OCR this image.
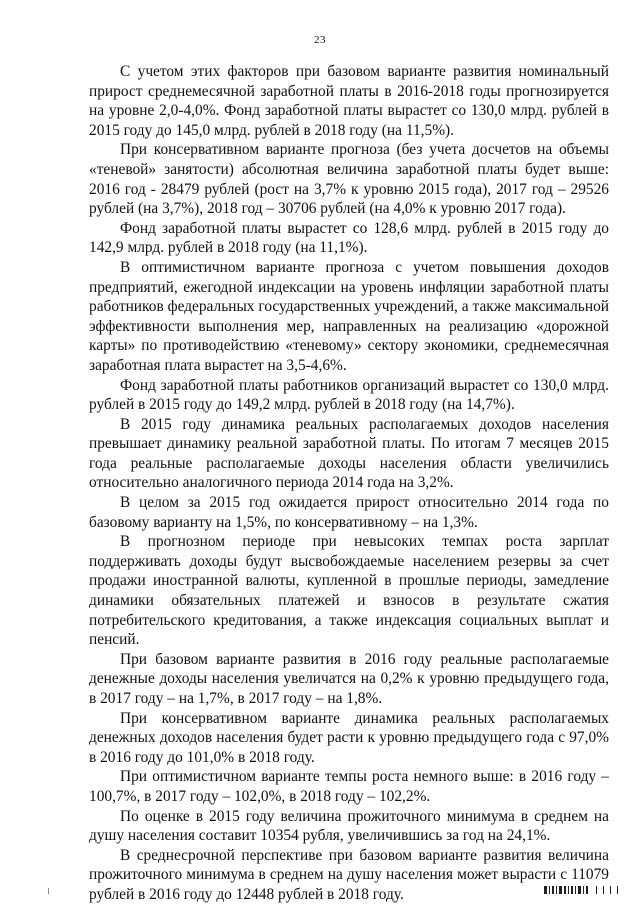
23

С учетом этих факторов при базовом варианте развития номинальный прирост среднемесячной заработной платы в 2016-2018 годы прогнозируется на уровне 2,0-4,0%. Фонд заработной платы вырастет со 130,0 млрд. рублей в 2015 году до 145,0 млрд. рублей в 2018 году (на 11,5%).

При консервативном варианте прогноза (без учета досчетов на объемы «теневой» занятости) абсолютная величина заработной платы будет выше: 2016 год - 28479 рублей (рост на 3,7% к уровню 2015 года), 2017 год – 29526 рублей (на 3,7%), 2018 год – 30706 рублей (на 4,0% к уровню 2017 года).

Фонд заработной платы вырастет со 128,6 млрд. рублей в 2015 году до 142,9 млрд. рублей в 2018 году (на 11,1%).

В оптимистичном варианте прогноза с учетом повышения доходов предприятий, ежегодной индексации на уровень инфляции заработной платы работников федеральных государственных учреждений, а также максимальной эффективности выполнения мер, направленных на реализацию «дорожной карты» по противодействию «теневому» сектору экономики, среднемесячная заработная плата вырастет на 3,5-4,6%.

Фонд заработной платы работников организаций вырастет со 130,0 млрд. рублей в 2015 году до 149,2 млрд. рублей в 2018 году (на 14,7%).

В 2015 году динамика реальных располагаемых доходов населения превышает динамику реальной заработной платы. По итогам 7 месяцев 2015 года реальные располагаемые доходы населения области увеличились относительно аналогичного периода 2014 года на 3,2%.

В целом за 2015 год ожидается прирост относительно 2014 года по базовому варианту на 1,5%, по консервативному – на 1,3%.

В прогнозном периоде при невысоких темпах роста зарплат поддерживать доходы будут высвобождаемые населением резервы за счет продажи иностранной валюты, купленной в прошлые периоды, замедление динамики обязательных платежей и взносов в результате сжатия потребительского кредитования, а также индексация социальных выплат и пенсий.

При базовом варианте развития в 2016 году реальные располагаемые денежные доходы населения увеличатся на 0,2% к уровню предыдущего года, в 2017 году – на 1,7%, в 2017 году – на 1,8%.

При консервативном варианте динамика реальных располагаемых денежных доходов населения будет расти к уровню предыдущего года с 97,0% в 2016 году до 101,0% в 2018 году.

При оптимистичном варианте темпы роста немного выше: в 2016 году – 100,7%, в 2017 году – 102,0%, в 2018 году – 102,2%.

По оценке в 2015 году величина прожиточного минимума в среднем на душу населения составит 10354 рубля, увеличившись за год на 24,1%.

В среднесрочной перспективе при базовом варианте развития величина прожиточного минимума в среднем на душу населения может вырасти с 11079 рублей в 2016 году до 12448 рублей в 2018 году.
